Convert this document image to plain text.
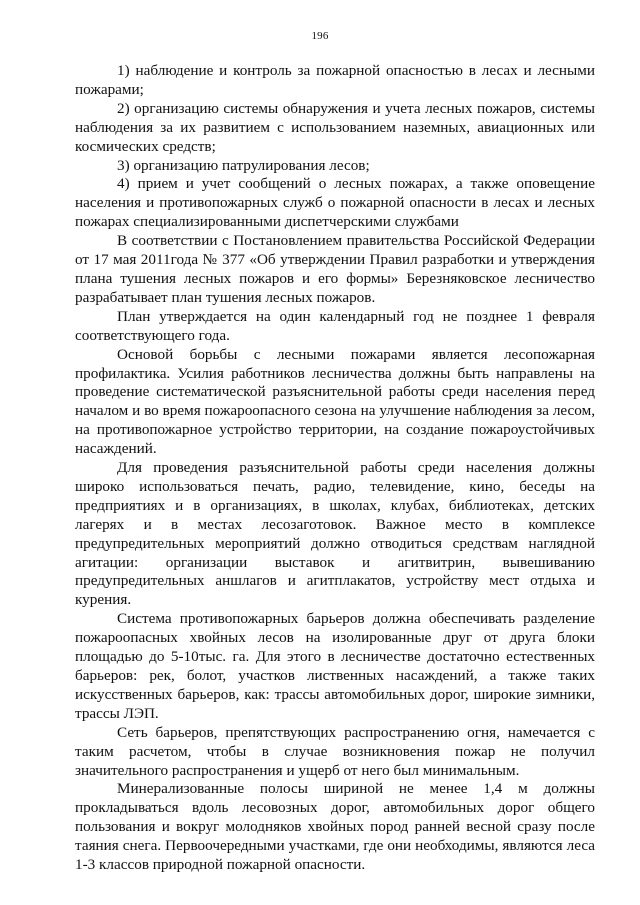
196

1) наблюдение и контроль за пожарной опасностью в лесах и лесными пожарами;

2) организацию системы обнаружения и учета лесных пожаров, системы наблюдения за их развитием с использованием наземных, авиационных или космических средств;

3) организацию патрулирования лесов;

4) прием и учет сообщений о лесных пожарах, а также оповещение населения и противопожарных служб о пожарной опасности в лесах и лесных пожарах специализированными диспетчерскими службами

В соответствии с Постановлением правительства Российской Федерации от 17 мая 2011года № 377 «Об утверждении Правил разработки и утверждения плана тушения лесных пожаров и его формы» Березняковское лесничество разрабатывает план тушения лесных пожаров.

План утверждается на один календарный год не позднее 1 февраля соответствующего года.

Основой борьбы с лесными пожарами является лесопожарная профилактика. Усилия работников лесничества должны быть направлены на проведение систематической разъяснительной работы среди населения перед началом и во время пожароопасного сезона на улучшение наблюдения за лесом, на противопожарное устройство территории, на создание пожароустойчивых насаждений.

Для проведения разъяснительной работы среди населения должны широко использоваться печать, радио, телевидение, кино, беседы на предприятиях и в организациях, в школах, клубах, библиотеках, детских лагерях и в местах лесозаготовок. Важное место в комплексе предупредительных мероприятий должно отводиться средствам наглядной агитации: организации выставок и агитвитрин, вывешиванию предупредительных аншлагов и агитплакатов, устройству мест отдыха и курения.

Система противопожарных барьеров должна обеспечивать разделение пожароопасных хвойных лесов на изолированные друг от друга блоки площадью до 5-10тыс. га. Для этого в лесничестве достаточно естественных барьеров: рек, болот, участков лиственных насаждений, а также таких искусственных барьеров, как: трассы автомобильных дорог, широкие зимники, трассы ЛЭП.

Сеть барьеров, препятствующих распространению огня, намечается с таким расчетом, чтобы в случае возникновения пожар не получил значительного распространения и ущерб от него был минимальным.

Минерализованные полосы шириной не менее 1,4 м должны прокладываться вдоль лесовозных дорог, автомобильных дорог общего пользования и вокруг молодняков хвойных пород ранней весной сразу после таяния снега. Первоочередными участками, где они необходимы, являются леса 1-3 классов природной пожарной опасности.
